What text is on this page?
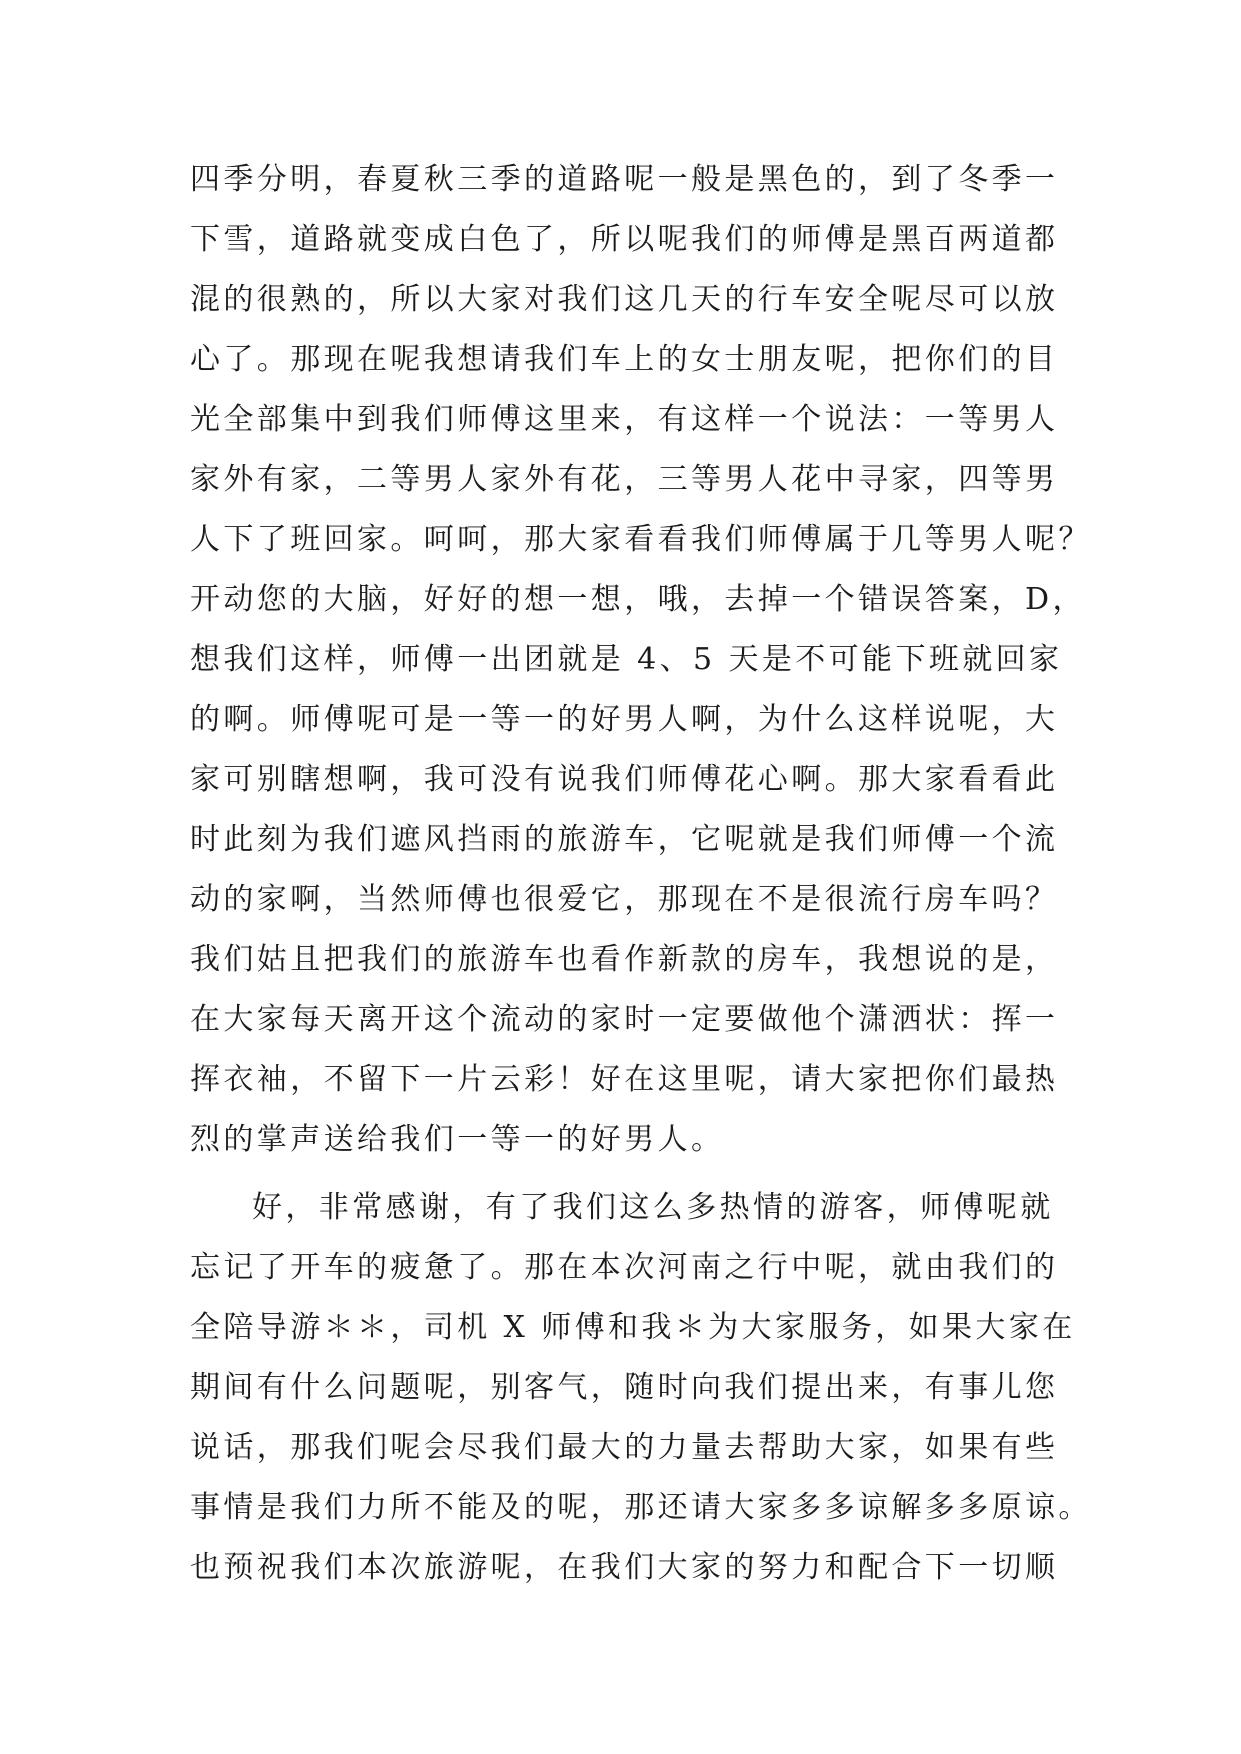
四季分明，春夏秋三季的道路呢一般是黑色的，到了冬季一
下雪，道路就变成白色了，所以呢我们的师傅是黑百两道都
混的很熟的，所以大家对我们这几天的行车安全呢尽可以放
心了。那现在呢我想请我们车上的女士朋友呢，把你们的目
光全部集中到我们师傅这里来，有这样一个说法：一等男人
家外有家，二等男人家外有花，三等男人花中寻家，四等男
人下了班回家。呵呵，那大家看看我们师傅属于几等男人呢？
开动您的大脑，好好的想一想，哦，去掉一个错误答案，D，
想我们这样，师傅一出团就是 4、5 天是不可能下班就回家
的啊。师傅呢可是一等一的好男人啊，为什么这样说呢，大
家可别瞎想啊，我可没有说我们师傅花心啊。那大家看看此
时此刻为我们遮风挡雨的旅游车，它呢就是我们师傅一个流
动的家啊，当然师傅也很爱它，那现在不是很流行房车吗？
我们姑且把我们的旅游车也看作新款的房车，我想说的是，
在大家每天离开这个流动的家时一定要做他个潇洒状：挥一
挥衣袖，不留下一片云彩！好在这里呢，请大家把你们最热
烈的掌声送给我们一等一的好男人。
好，非常感谢，有了我们这么多热情的游客，师傅呢就
忘记了开车的疲惫了。那在本次河南之行中呢，就由我们的
全陪导游＊＊，司机 X 师傅和我＊为大家服务，如果大家在
期间有什么问题呢，别客气，随时向我们提出来，有事儿您
说话，那我们呢会尽我们最大的力量去帮助大家，如果有些
事情是我们力所不能及的呢，那还请大家多多谅解多多原谅。
也预祝我们本次旅游呢，在我们大家的努力和配合下一切顺
